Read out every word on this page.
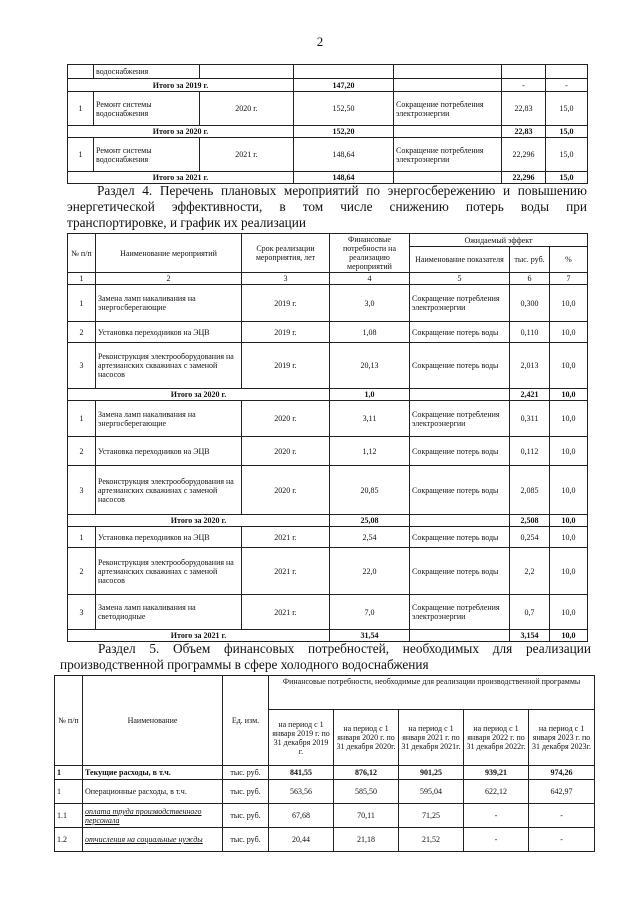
2
	водоснабжения					
Итого за 2019 г.			147,20		-	-
1	Ремонт системы водоснабжения	2020 г.	152,50	Сокращение потребления электроэнергии	22,83	15,0
Итого за 2020 г.			152,20		22,83	15,0
1	Ремонт системы водоснабжения	2021 г.	148,64	Сокращение потребления электроэнергии	22,296	15,0
Итого за 2021 г.			148,64		22,296	15,0
Раздел 4. Перечень плановых мероприятий по энергосбережению и повышению
энергетической эффективности, в том числе снижению потерь воды при
транспортировке, и график их реализации
№ п/п	Наименование мероприятий	Срок реализации мероприятия, лет	Финансовые потребности на реализацию мероприятий	Ожидаемый эффект		
				Наименование показателя	тыс. руб.	%
1	2	3	4	5	6	7
1	Замена ламп накаливания на энергосберегающие	2019 г.	3,0	Сокращение потребления электроэнергии	0,300	10,0
2	Установка переходников на ЭЦВ	2019 г.	1,08	Сокращение потерь воды	0,110	10,0
3	Реконструкция электрооборудования на артезианских скважинах с заменой насосов	2019 г.	20,13	Сокращение потерь воды	2,013	10,0
Итого за 2020 г.			1,0		2,421	10,0
1	Замена ламп накаливания на энергосберегающие	2020 г.	3,11	Сокращение потребления электроэнергии	0,311	10,0
2	Установка переходников на ЭЦВ	2020 г.	1,12	Сокращение потерь воды	0,112	10,0
3	Реконструкция электрооборудования на артезианских скважинах с заменой насосов	2020 г.	20,85	Сокращение потерь воды	2,085	10,0
Итого за 2020 г.			25,08		2,508	10,0
1	Установка переходников на ЭЦВ	2021 г.	2,54	Сокращение потерь воды	0,254	10,0
2	Реконструкция электрооборудования на артезианских скважинах с заменой насосов	2021 г.	22,0	Сокращение потерь воды	2,2	10,0
3	Замена ламп накаливания на светодиодные	2021 г.	7,0	Сокращение потребления электроэнергии	0,7	10,0
Итого за 2021 г.			31,54		3,154	10,0
Раздел 5. Объем финансовых потребностей, необходимых для реализации
производственной программы в сфере холодного водоснабжения
№ п/п	Наименование	Ед. изм.	Финансовые потребности, необходимые для реализации производственной программы				
			на период с 1 января 2019 г. по 31 декабря 2019 г.	на период с 1 января 2020 г. по 31 декабря 2020г.	на период с 1 января 2021 г. по 31 декабря 2021г.	на период с 1 января 2022 г. по 31 декабря 2022г.	на период с 1 января 2023 г. по 31 декабря 2023г.
1	Текущие расходы, в т.ч.	тыс. руб.	841,55	876,12	901,25	939,21	974,26
1	Операционные расходы, в т.ч.	тыс. руб.	563,56	585,50	595,04	622,12	642,97
1.1	оплата труда производственного персонала	тыс. руб.	67,68	70,11	71,25	-	-
1.2	отчисления на социальные нужды	тыс. руб.	20,44	21,18	21,52	-	-
